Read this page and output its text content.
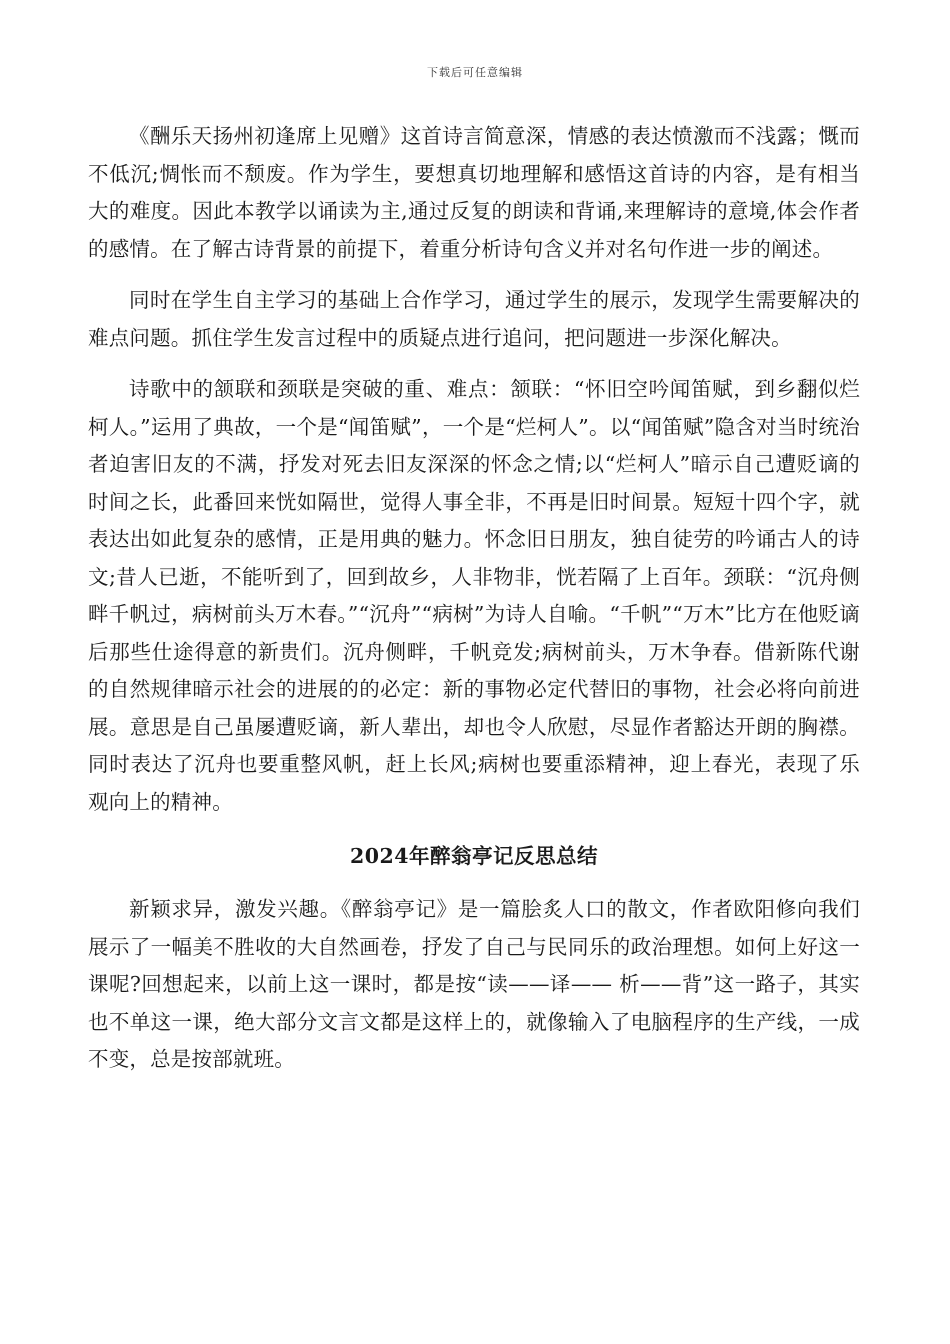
下载后可任意编辑

《酬乐天扬州初逢席上见赠》这首诗言简意深，情感的表达愤激而不浅露；慨而不低沉;惆怅而不颓废。作为学生，要想真切地理解和感悟这首诗的内容，是有相当大的难度。因此本教学以诵读为主,通过反复的朗读和背诵,来理解诗的意境,体会作者的感情。在了解古诗背景的前提下，着重分析诗句含义并对名句作进一步的阐述。

同时在学生自主学习的基础上合作学习，通过学生的展示，发现学生需要解决的难点问题。抓住学生发言过程中的质疑点进行追问，把问题进一步深化解决。

诗歌中的颔联和颈联是突破的重、难点：颔联：“怀旧空吟闻笛赋，到乡翻似烂柯人。”运用了典故，一个是“闻笛赋”，一个是“烂柯人”。以“闻笛赋”隐含对当时统治者迫害旧友的不满，抒发对死去旧友深深的怀念之情;以“烂柯人”暗示自己遭贬谪的时间之长，此番回来恍如隔世，觉得人事全非，不再是旧时间景。短短十四个字，就表达出如此复杂的感情，正是用典的魅力。怀念旧日朋友，独自徒劳的吟诵古人的诗文;昔人已逝，不能听到了，回到故乡，人非物非，恍若隔了上百年。颈联：“沉舟侧畔千帆过，病树前头万木春。”“沉舟”“病树”为诗人自喻。“千帆”“万木”比方在他贬谪后那些仕途得意的新贵们。沉舟侧畔，千帆竞发;病树前头，万木争春。借新陈代谢的自然规律暗示社会的进展的的必定：新的事物必定代替旧的事物，社会必将向前进展。意思是自己虽屡遭贬谪，新人辈出，却也令人欣慰，尽显作者豁达开朗的胸襟。同时表达了沉舟也要重整风帆，赶上长风;病树也要重添精神，迎上春光，表现了乐观向上的精神。

2024年醉翁亭记反思总结

新颖求异，激发兴趣。《醉翁亭记》是一篇脍炙人口的散文，作者欧阳修向我们展示了一幅美不胜收的大自然画卷，抒发了自己与民同乐的政治理想。如何上好这一课呢?回想起来，以前上这一课时，都是按“读——译—— 析——背”这一路子，其实也不单这一课，绝大部分文言文都是这样上的，就像输入了电脑程序的生产线，一成不变，总是按部就班。
